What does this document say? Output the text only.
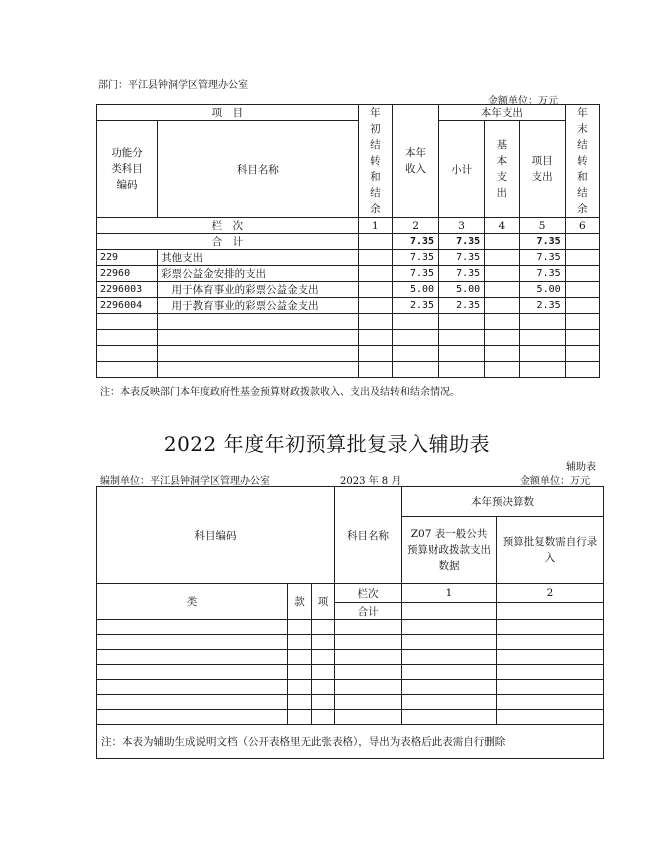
部门：平江县钟洞学区管理办公室
金额单位：万元
项　目		年初结转和结余	本年收入	本年支出			年末结转和结余

功能分类科目编码	科目名称			小计	基本支出	项目支出	

栏　次		1	2	3	4	5	6
合　计			7.35	7.35		7.35	
229	其他支出		7.35	7.35		7.35	
22960	彩票公益金安排的支出		7.35	7.35		7.35	
2296003	　用于体育事业的彩票公益金支出		5.00	5.00		5.00	
2296004	　用于教育事业的彩票公益金支出		2.35	2.35		2.35	

注：本表反映部门本年度政府性基金预算财政拨款收入、支出及结转和结余情况。
2022 年度年初预算批复录入辅助表
辅助表
编制单位：平江县钟洞学区管理办公室	2023 年 8 月	金额单位：万元
科目编码			科目名称	本年预决算数	

				Z07 表一般公共预算财政拨款支出数据	预算批复数需自行录入

类	款	项	栏次	1	2
			合计		

注：本表为辅助生成说明文档（公开表格里无此张表格），导出为表格后此表需自行删除					
